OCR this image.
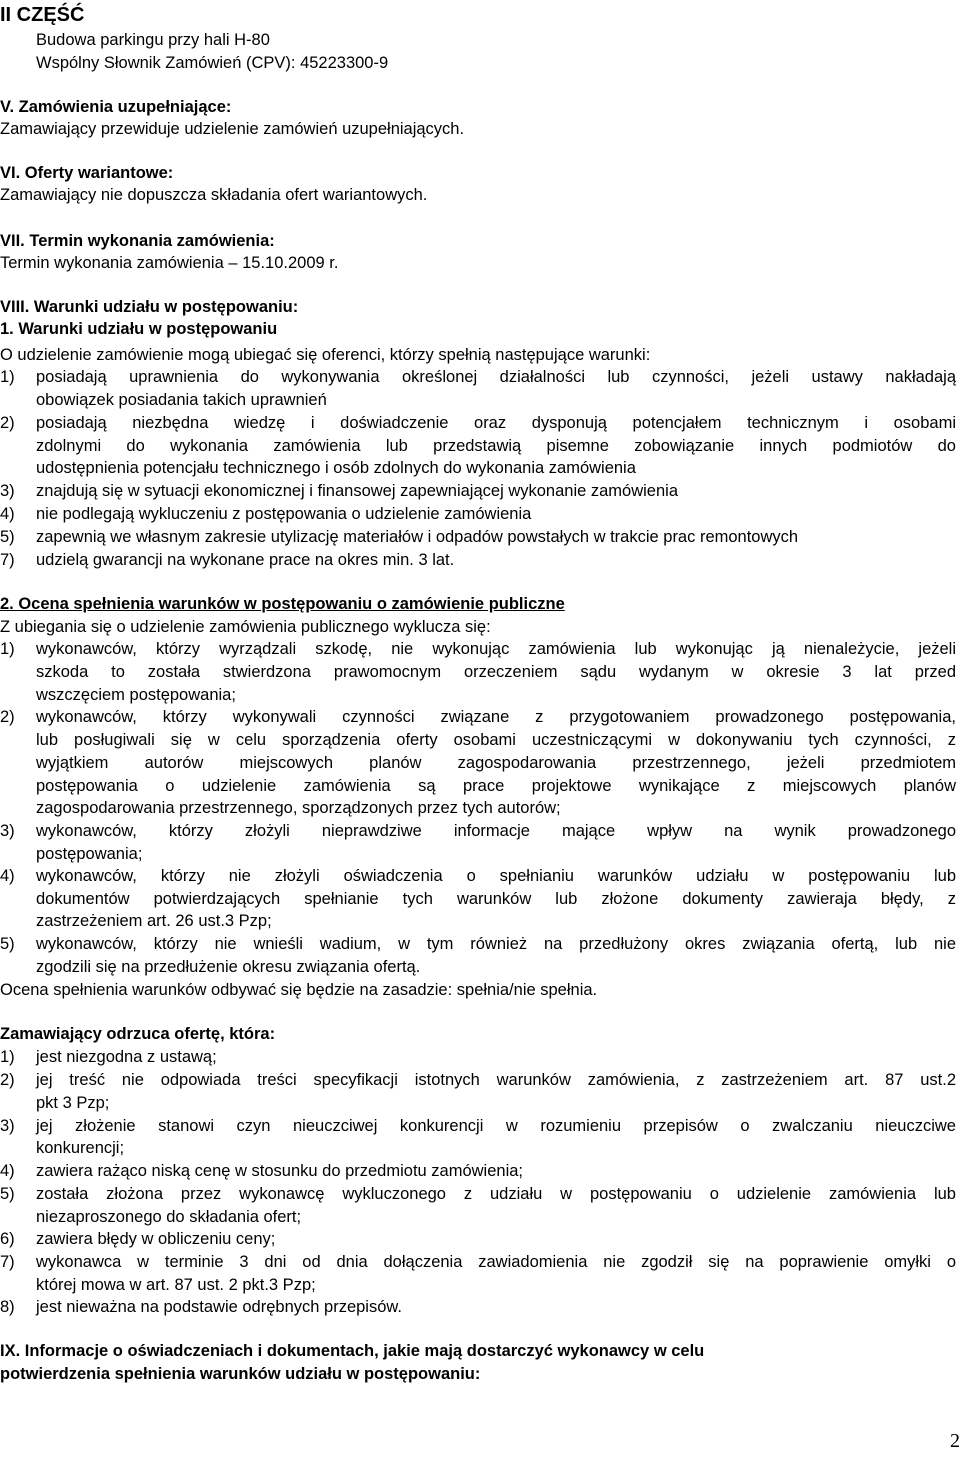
II CZĘŚĆ

Budowa parkingu przy hali H-80

Wspólny Słownik Zamówień (CPV): 45223300-9

V. Zamówienia uzupełniające:

Zamawiający przewiduje udzielenie zamówień uzupełniających.

VI. Oferty wariantowe:

Zamawiający nie dopuszcza składania ofert wariantowych.

VII. Termin wykonania zamówienia:

Termin wykonania zamówienia – 15.10.2009 r.

VIII. Warunki udziału w postępowaniu:

1. Warunki udziału w postępowaniu

O udzielenie zamówienie mogą ubiegać się oferenci, którzy spełnią następujące warunki:

1) posiadają uprawnienia do wykonywania określonej działalności lub czynności, jeżeli ustawy nakładają

obowiązek posiadania takich uprawnień

2) posiadają niezbędna wiedzę i doświadczenie oraz dysponują potencjałem technicznym i osobami

zdolnymi do wykonania zamówienia lub przedstawią pisemne zobowiązanie innych podmiotów do

udostępnienia potencjału technicznego i osób zdolnych do wykonania zamówienia

3) znajdują się w sytuacji ekonomicznej i finansowej zapewniającej wykonanie zamówienia
4) nie podlegają wykluczeniu z postępowania o udzielenie zamówienia
5) zapewnią we własnym zakresie utylizację materiałów i odpadów powstałych w trakcie prac remontowych
7) udzielą gwarancji na wykonane prace na okres min. 3 lat.

2. Ocena spełnienia warunków w postępowaniu o zamówienie publiczne

Z ubiegania się o udzielenie zamówienia publicznego wyklucza się:

1) wykonawców, którzy wyrządzali szkodę, nie wykonując zamówienia lub wykonując ją nienależycie, jeżeli

szkoda to została stwierdzona prawomocnym orzeczeniem sądu wydanym w okresie 3 lat przed

wszczęciem postępowania;

2) wykonawców, którzy wykonywali czynności związane z przygotowaniem prowadzonego postępowania,

lub posługiwali się w celu sporządzenia oferty osobami uczestniczącymi w dokonywaniu tych czynności, z

wyjątkiem autorów miejscowych planów zagospodarowania przestrzennego, jeżeli przedmiotem

postępowania o udzielenie zamówienia są prace projektowe wynikające z miejscowych planów

zagospodarowania przestrzennego, sporządzonych przez tych autorów;

3) wykonawców, którzy złożyli nieprawdziwe informacje mające wpływ na wynik prowadzonego

postępowania;

4) wykonawców, którzy nie złożyli oświadczenia o spełnianiu warunków udziału w postępowaniu lub

dokumentów potwierdzających spełnianie tych warunków lub złożone dokumenty zawieraja błędy, z

zastrzeżeniem art. 26 ust.3 Pzp;

5) wykonawców, którzy nie wnieśli wadium, w tym również na przedłużony okres związania ofertą, lub nie

zgodzili się na przedłużenie okresu związania ofertą.

Ocena spełnienia warunków odbywać się będzie na zasadzie: spełnia/nie spełnia.

Zamawiający odrzuca ofertę, która:

1) jest niezgodna z ustawą;
2) jej treść nie odpowiada treści specyfikacji istotnych warunków zamówienia, z zastrzeżeniem art. 87 ust.2

pkt 3 Pzp;

3) jej złożenie stanowi czyn nieuczciwej konkurencji w rozumieniu przepisów o zwalczaniu nieuczciwe

konkurencji;

4) zawiera rażąco niską cenę w stosunku do przedmiotu zamówienia;
5) została złożona przez wykonawcę wykluczonego z udziału w postępowaniu o udzielenie zamówienia lub

niezaproszonego do składania ofert;

6) zawiera błędy w obliczeniu ceny;
7) wykonawca w terminie 3 dni od dnia dołączenia zawiadomienia nie zgodził się na poprawienie omyłki o

której mowa w art. 87 ust. 2 pkt.3 Pzp;

8) jest nieważna na podstawie odrębnych przepisów.

IX. Informacje o oświadczeniach i dokumentach, jakie mają dostarczyć wykonawcy w celu

potwierdzenia spełnienia warunków udziału w postępowaniu:

2
